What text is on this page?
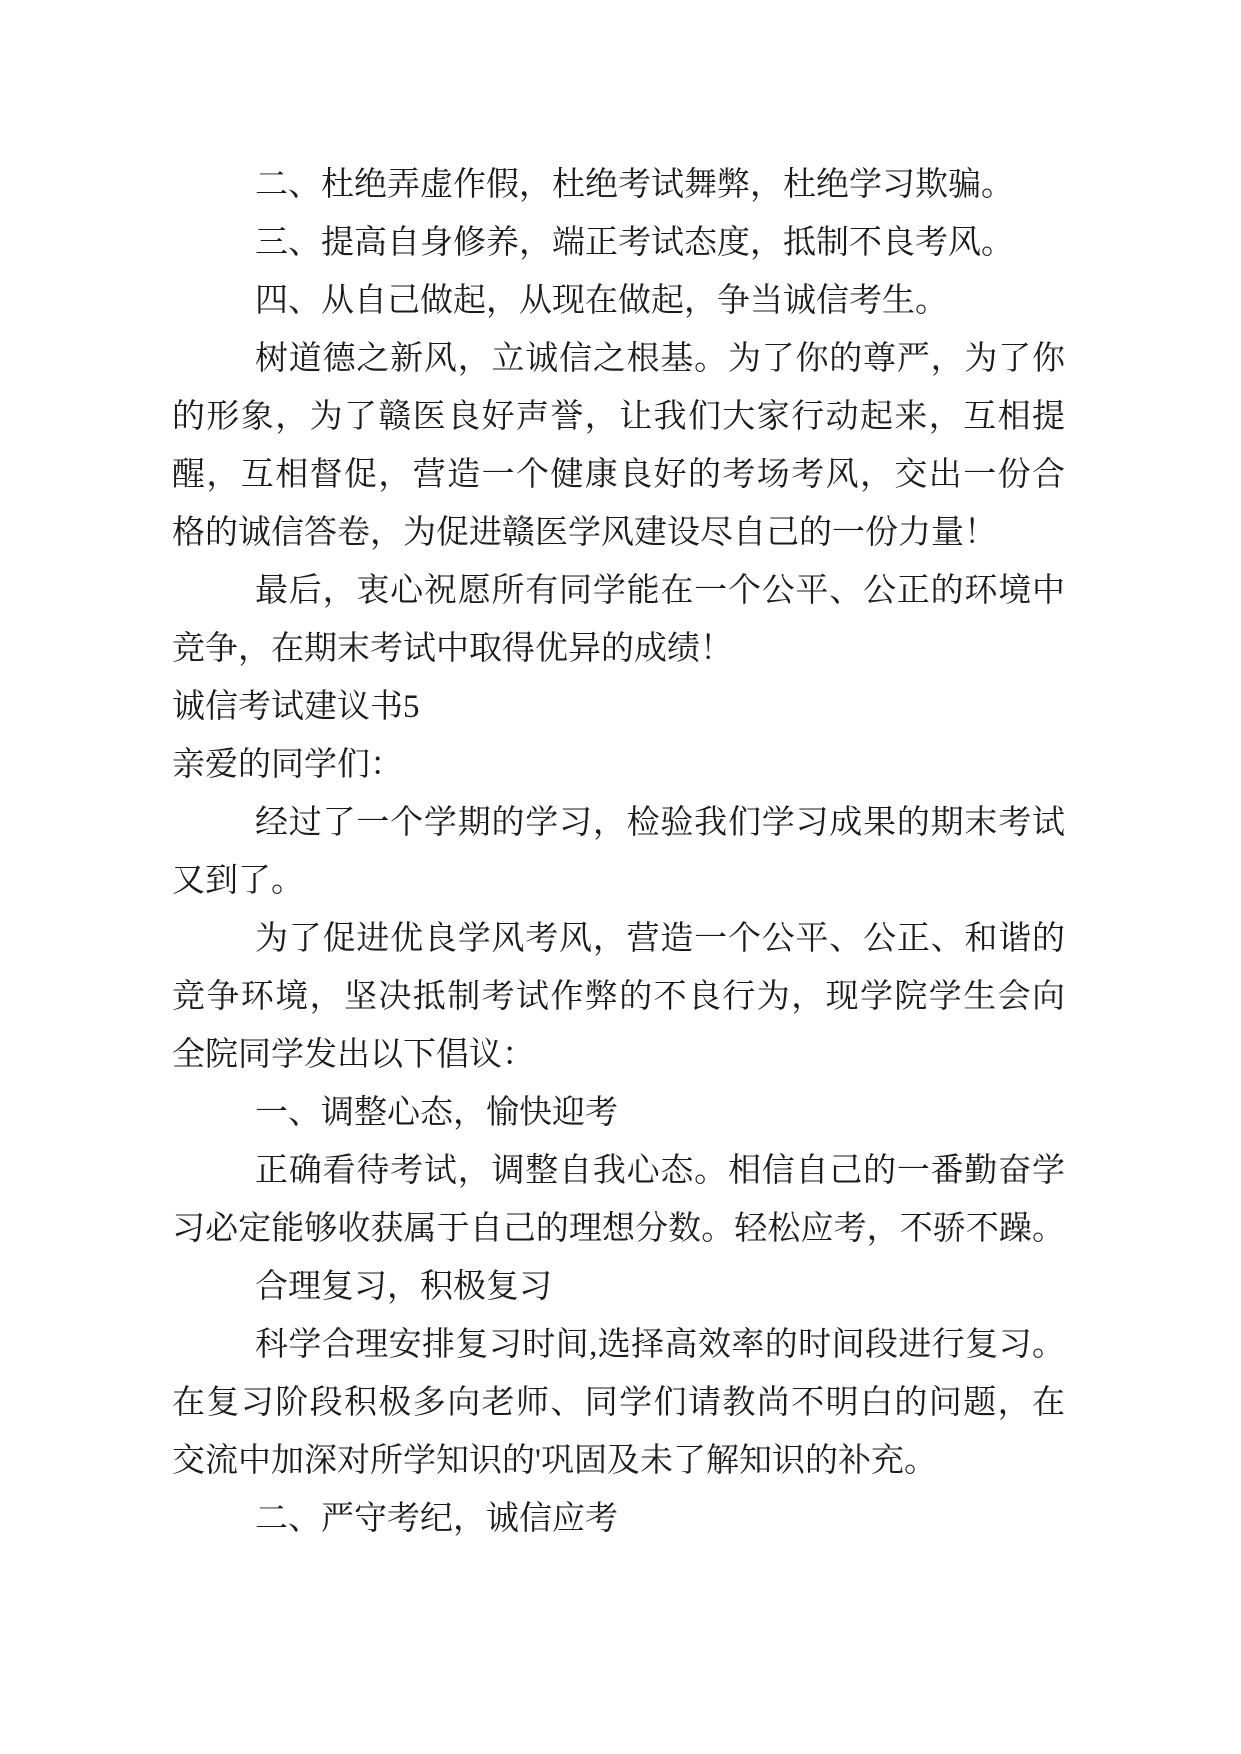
二、杜绝弄虚作假，杜绝考试舞弊，杜绝学习欺骗。
三、提高自身修养，端正考试态度，抵制不良考风。
四、从自己做起，从现在做起，争当诚信考生。
树道德之新风，立诚信之根基。为了你的尊严，为了你
的形象，为了赣医良好声誉，让我们大家行动起来，互相提
醒，互相督促，营造一个健康良好的考场考风，交出一份合
格的诚信答卷，为促进赣医学风建设尽自己的一份力量！
最后，衷心祝愿所有同学能在一个公平、公正的环境中
竞争，在期末考试中取得优异的成绩！
诚信考试建议书5
亲爱的同学们：
经过了一个学期的学习，检验我们学习成果的期末考试
又到了。
为了促进优良学风考风，营造一个公平、公正、和谐的
竞争环境，坚决抵制考试作弊的不良行为，现学院学生会向
全院同学发出以下倡议：
一、调整心态，愉快迎考
正确看待考试，调整自我心态。相信自己的一番勤奋学
习必定能够收获属于自己的理想分数。轻松应考，不骄不躁。
合理复习，积极复习
科学合理安排复习时间,选择高效率的时间段进行复习。
在复习阶段积极多向老师、同学们请教尚不明白的问题，在
交流中加深对所学知识的'巩固及未了解知识的补充。
二、严守考纪，诚信应考
